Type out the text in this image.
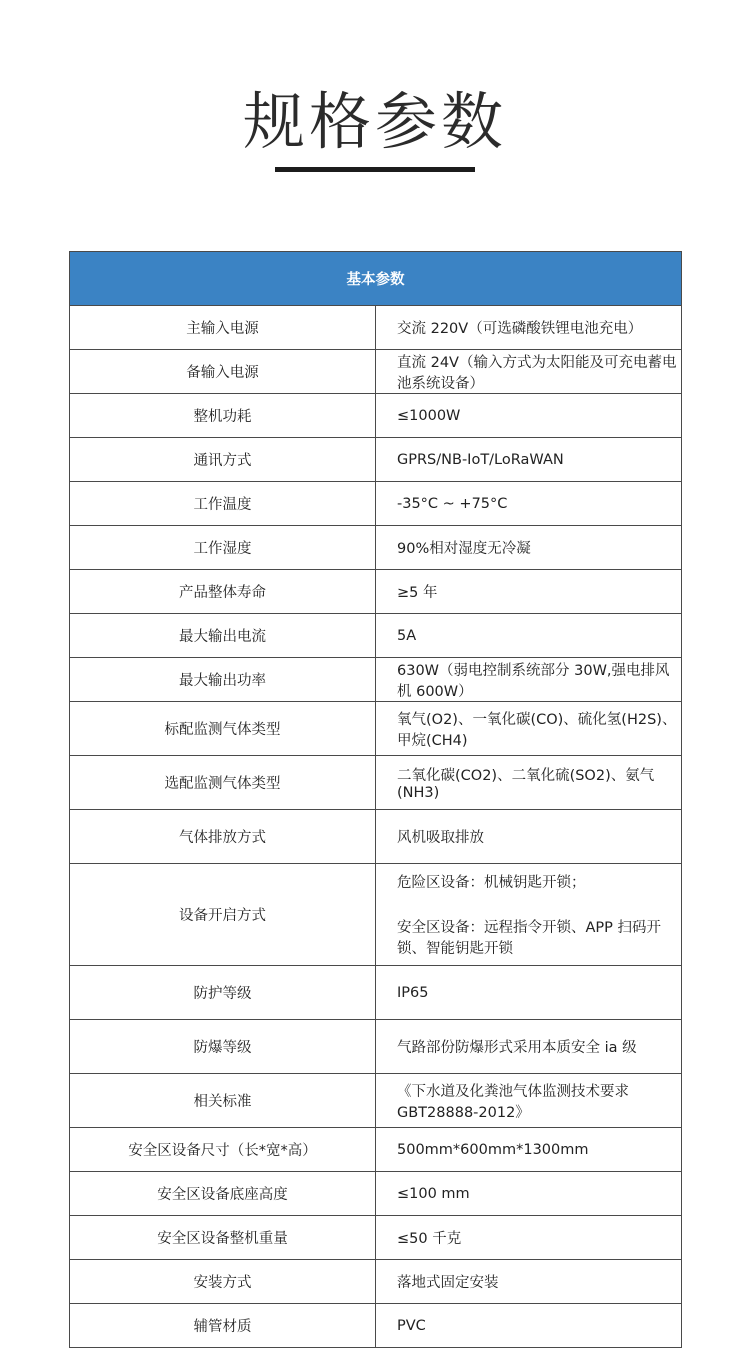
规格参数
基本参数	
主输入电源	交流 220V（可选磷酸铁锂电池充电）
备输入电源	直流 24V（输入方式为太阳能及可充电蓄电池系统设备）
整机功耗	≤1000W
通讯方式	GPRS/NB-IoT/LoRaWAN
工作温度	-35°C ~ +75°C
工作湿度	90%相对湿度无冷凝
产品整体寿命	≥5 年
最大输出电流	5A
最大输出功率	630W（弱电控制系统部分 30W,强电排风机 600W）
标配监测气体类型	氧气(O2)、一氧化碳(CO)、硫化氢(H2S)、甲烷(CH4)
选配监测气体类型	二氧化碳(CO2)、二氧化硫(SO2)、氨气(NH3)
气体排放方式	风机吸取排放
设备开启方式	危险区设备：机械钥匙开锁；
安全区设备：远程指令开锁、APP 扫码开锁、智能钥匙开锁

防护等级	IP65
防爆等级	气路部份防爆形式采用本质安全 ia 级
相关标准	《下水道及化粪池气体监测技术要求 GBT28888-2012》
安全区设备尺寸（长*宽*高）	500mm*600mm*1300mm
安全区设备底座高度	≤100 mm
安全区设备整机重量	≤50 千克
安装方式	落地式固定安装
辅管材质	PVC
